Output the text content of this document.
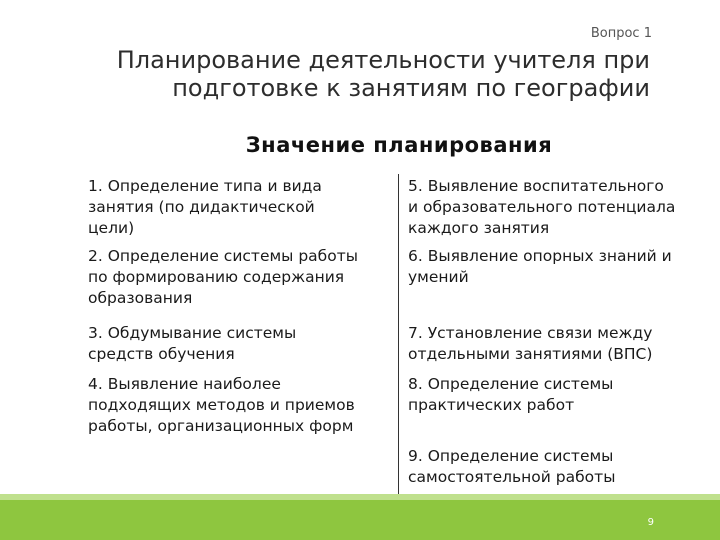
Вопрос 1
Планирование деятельности учителя при
подготовке к занятиям по географии
Значение планирования
1. Определение типа и вида
занятия (по дидактической
цели)
2. Определение системы работы
по формированию содержания
образования
3. Обдумывание системы
средств обучения
4. Выявление наиболее
подходящих методов и приемов
работы, организационных форм
5. Выявление воспитательного
и образовательного потенциала
каждого занятия
6. Выявление опорных знаний и
умений
7. Установление связи между
отдельными занятиями (ВПС)
8. Определение системы
практических работ
9. Определение системы
самостоятельной работы

9
